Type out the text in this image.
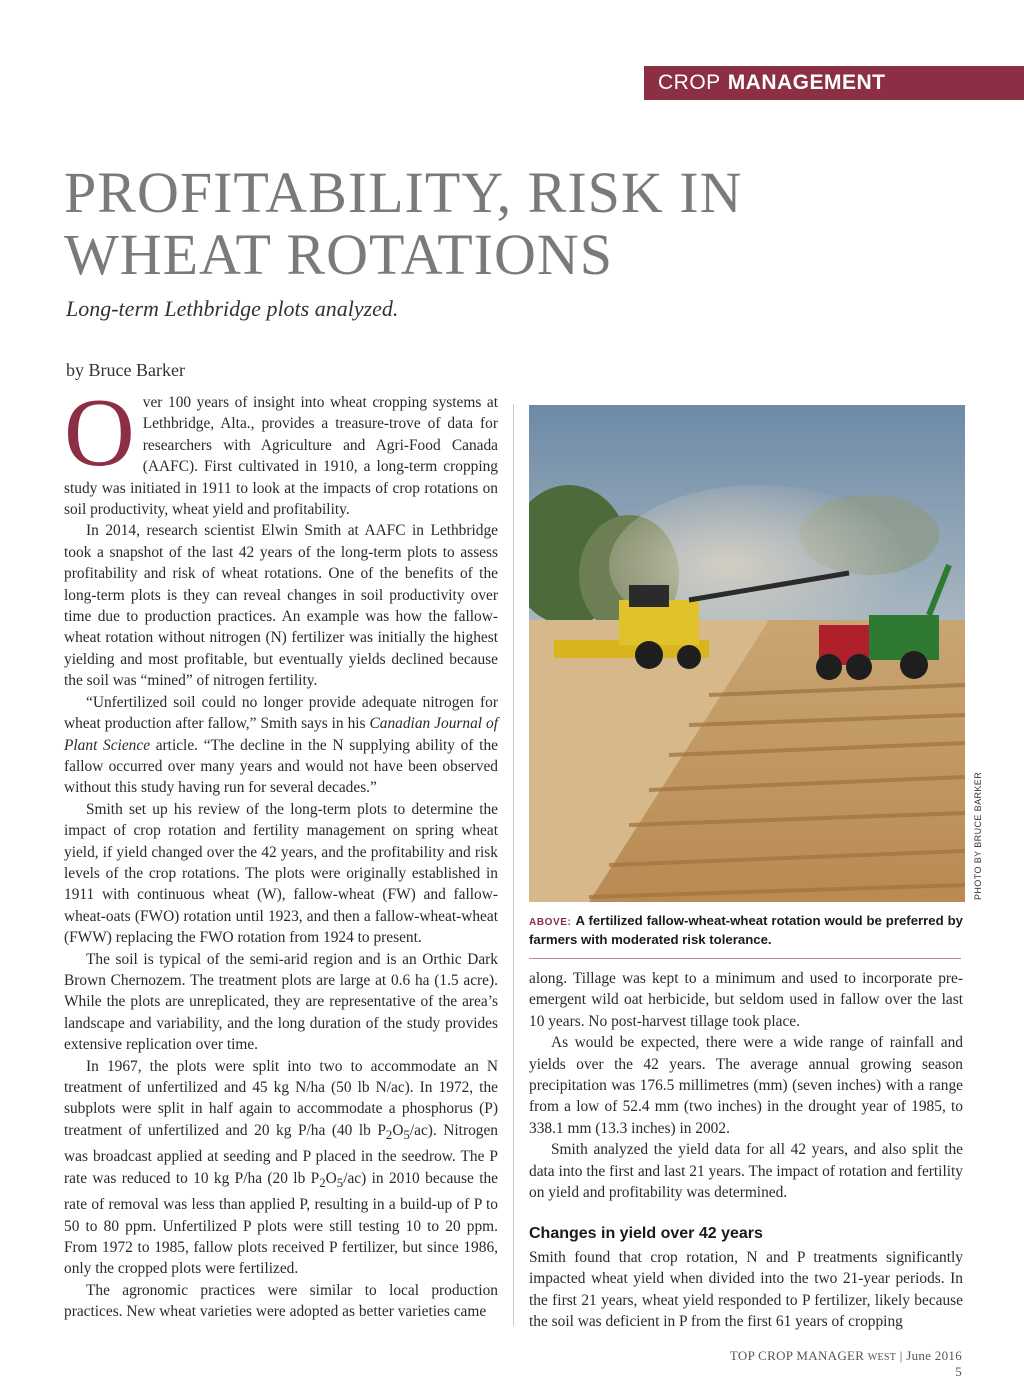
CROP MANAGEMENT
PROFITABILITY, RISK IN WHEAT ROTATIONS
Long-term Lethbridge plots analyzed.
by Bruce Barker

Over 100 years of insight into wheat cropping systems at Lethbridge, Alta., provides a treasure-trove of data for researchers with Agriculture and Agri-Food Canada (AAFC). First cultivated in 1910, a long-term cropping study was initiated in 1911 to look at the impacts of crop rotations on soil productivity, wheat yield and profitability.

In 2014, research scientist Elwin Smith at AAFC in Lethbridge took a snapshot of the last 42 years of the long-term plots to assess profitability and risk of wheat rotations. One of the benefits of the long-term plots is they can reveal changes in soil productivity over time due to production practices. An example was how the fallow-wheat rotation without nitrogen (N) fertilizer was initially the highest yielding and most profitable, but eventually yields declined because the soil was “mined” of nitrogen fertility.

“Unfertilized soil could no longer provide adequate nitrogen for wheat production after fallow,” Smith says in his Canadian Journal of Plant Science article. “The decline in the N supplying ability of the fallow occurred over many years and would not have been observed without this study having run for several decades.”

Smith set up his review of the long-term plots to determine the impact of crop rotation and fertility management on spring wheat yield, if yield changed over the 42 years, and the profitability and risk levels of the crop rotations. The plots were originally established in 1911 with continuous wheat (W), fallow-wheat (FW) and fallow-wheat-oats (FWO) rotation until 1923, and then a fallow-wheat-wheat (FWW) replacing the FWO rotation from 1924 to present.

The soil is typical of the semi-arid region and is an Orthic Dark Brown Chernozem. The treatment plots are large at 0.6 ha (1.5 acre). While the plots are unreplicated, they are representative of the area’s landscape and variability, and the long duration of the study provides extensive replication over time.

In 1967, the plots were split into two to accommodate an N treatment of unfertilized and 45 kg N/ha (50 lb N/ac). In 1972, the subplots were split in half again to accommodate a phosphorus (P) treatment of unfertilized and 20 kg P/ha (40 lb $P_2O_5/ac$). Nitrogen was broadcast applied at seeding and P placed in the seedrow. The P rate was reduced to 10 kg P/ha (20 lb $P_2O_5/ac$) in 2010 because the rate of removal was less than applied P, resulting in a build-up of P to 50 to 80 ppm. Unfertilized P plots were still testing 10 to 20 ppm. From 1972 to 1985, fallow plots received P fertilizer, but since 1986, only the cropped plots were fertilized.

The agronomic practices were similar to local production practices. New wheat varieties were adopted as better varieties came

PHOTO BY BRUCE BARKER
ABOVE: A fertilized fallow-wheat-wheat rotation would be preferred by farmers with moderated risk tolerance.

along. Tillage was kept to a minimum and used to incorporate pre-emergent wild oat herbicide, but seldom used in fallow over the last 10 years. No post-harvest tillage took place.

As would be expected, there were a wide range of rainfall and yields over the 42 years. The average annual growing season precipitation was 176.5 millimetres (mm) (seven inches) with a range from a low of 52.4 mm (two inches) in the drought year of 1985, to 338.1 mm (13.3 inches) in 2002.

Smith analyzed the yield data for all 42 years, and also split the data into the first and last 21 years. The impact of rotation and fertility on yield and profitability was determined.

Changes in yield over 42 years

Smith found that crop rotation, N and P treatments significantly impacted wheat yield when divided into the two 21-year periods. In the first 21 years, wheat yield responded to P fertilizer, likely because the soil was deficient in P from the first 61 years of cropping

TOP CROP MANAGER WEST | June 2016 5
